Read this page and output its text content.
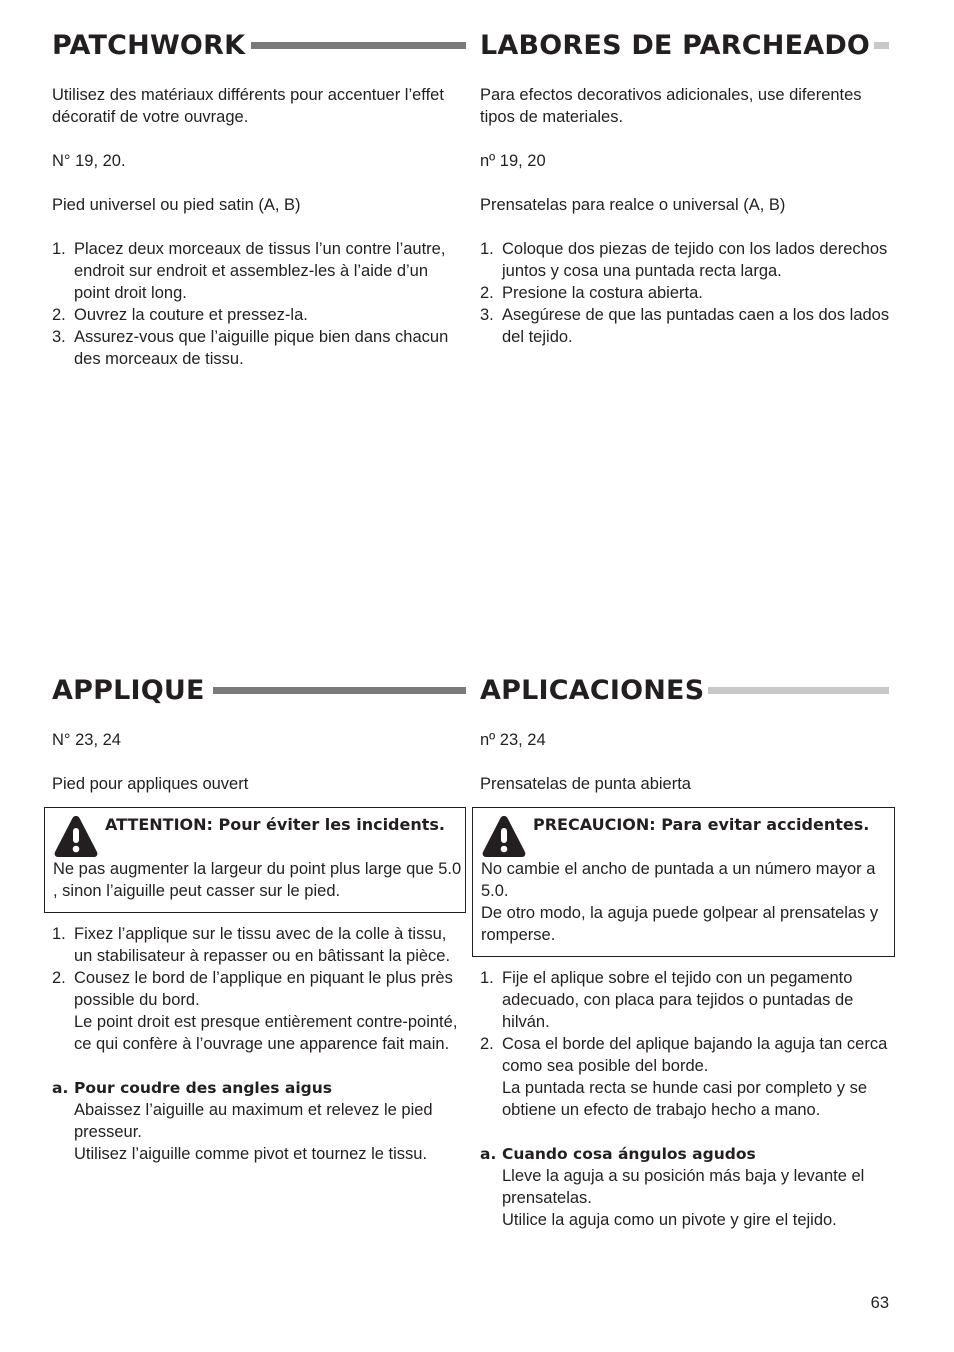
PATCHWORK

Utilisez des matériaux différents pour accentuer l’effet décoratif de votre ouvrage.

N° 19, 20.

Pied universel ou pied satin (A, B)

1. Placez deux morceaux de tissus l’un contre l’autre, endroit sur endroit et assemblez-les à l’aide d’un point droit long.
2. Ouvrez la couture et pressez-la.
3. Assurez-vous que l’aiguille pique bien dans chacun des morceaux de tissu.
LABORES DE PARCHEADO

Para efectos decorativos adicionales, use diferentes tipos de materiales.

nº 19, 20

Prensatelas para realce o universal (A, B)

1. Coloque dos piezas de tejido con los lados derechos juntos y cosa una puntada recta larga.
2. Presione la costura abierta.
3. Asegúrese de que las puntadas caen a los dos lados del tejido.
APPLIQUE

N° 23, 24

Pied pour appliques ouvert

ATTENTION: Pour éviter les incidents.

Ne pas augmenter la largeur du point plus large que 5.0 , sinon l’aiguille peut casser sur le pied.

1. Fixez l’applique sur le tissu avec de la colle à tissu, un stabilisateur à repasser ou en bâtissant la pièce.
2. Cousez le bord de l’applique en piquant le plus près possible du bord.
Le point droit est presque entièrement contre-pointé, ce qui confère à l’ouvrage une apparence fait main.
a. Pour coudre des angles aigus

Abaissez l’aiguille au maximum et relevez le pied presseur.

Utilisez l’aiguille comme pivot et tournez le tissu.

APLICACIONES

nº 23, 24

Prensatelas de punta abierta

PRECAUCION: Para evitar accidentes.

No cambie el ancho de puntada a un número mayor a 5.0.

De otro modo, la aguja puede golpear al prensatelas y romperse.

1. Fije el aplique sobre el tejido con un pegamento adecuado, con placa para tejidos o puntadas de hilván.
2. Cosa el borde del aplique bajando la aguja tan cerca como sea posible del borde.
La puntada recta se hunde casi por completo y se obtiene un efecto de trabajo hecho a mano.
a. Cuando cosa ángulos agudos

Lleve la aguja a su posición más baja y levante el prensatelas.

Utilice la aguja como un pivote y gire el tejido.

63
